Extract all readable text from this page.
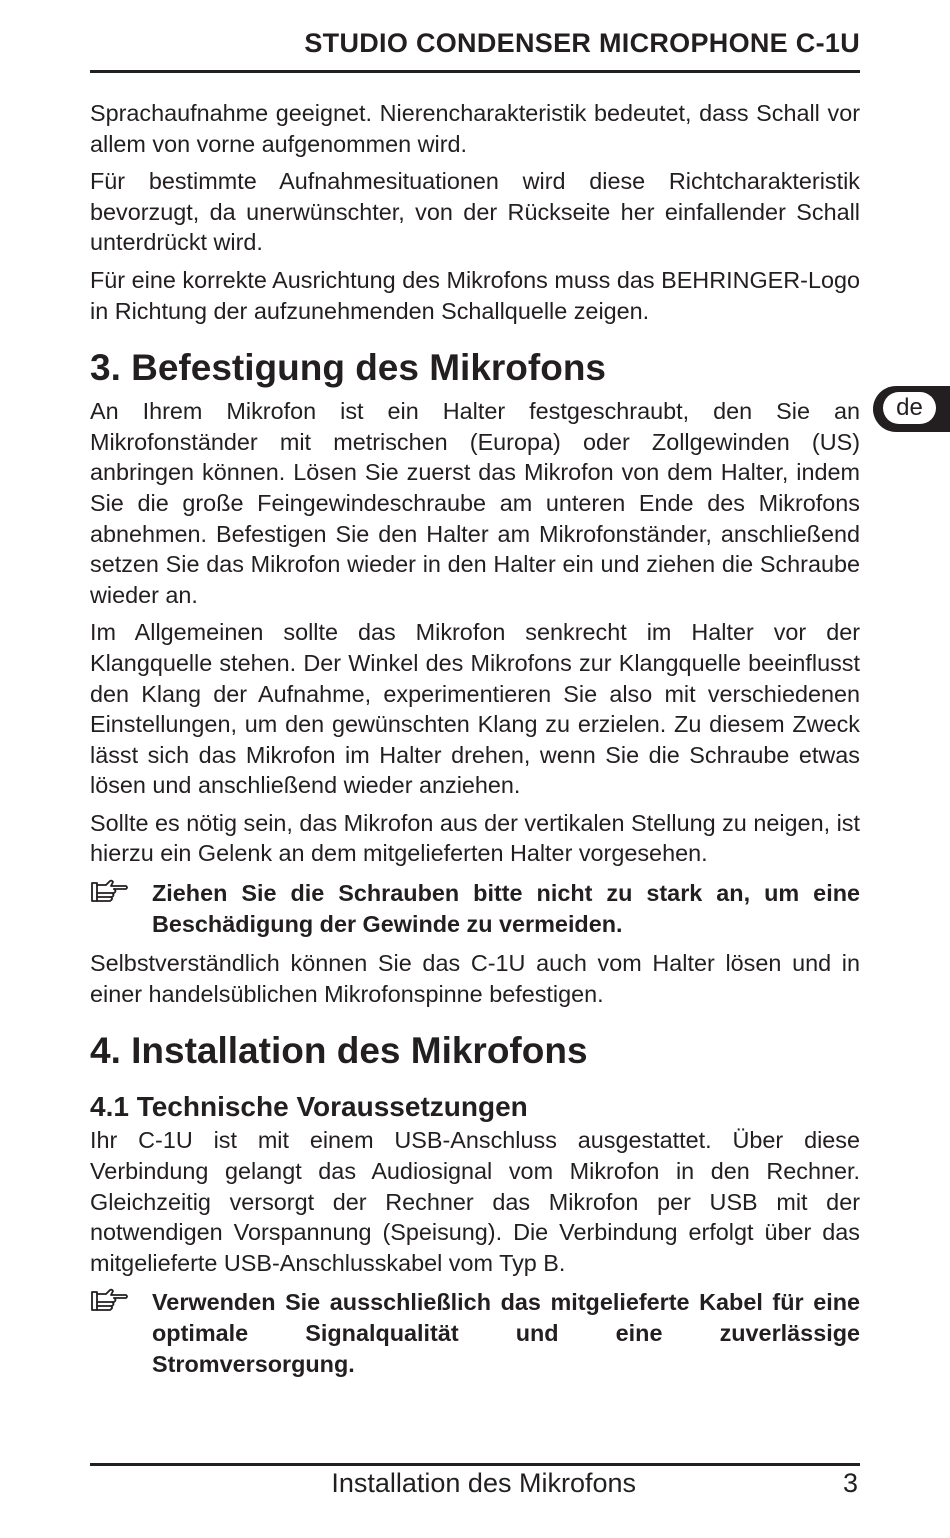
STUDIO CONDENSER MICROPHONE C-1U
de

Sprachaufnahme geeignet. Nierencharakteristik bedeutet, dass Schall vor allem von vorne aufgenommen wird.

Für bestimmte Aufnahmesituationen wird diese Richtcharakteristik bevorzugt, da unerwünschter, von der Rückseite her einfallender Schall unterdrückt wird.

Für eine korrekte Ausrichtung des Mikrofons muss das BEHRINGER-Logo in Richtung der aufzunehmenden Schallquelle zeigen.

3. Befestigung des Mikrofons

An Ihrem Mikrofon ist ein Halter festgeschraubt, den Sie an Mikrofonständer mit metrischen (Europa) oder Zollgewinden (US) anbringen können. Lösen Sie zuerst das Mikrofon von dem Halter, indem Sie die große Feingewindeschraube am unteren Ende des Mikrofons abnehmen. Befestigen Sie den Halter am Mikrofonständer, anschließend setzen Sie das Mikrofon wieder in den Halter ein und ziehen die Schraube wieder an.

Im Allgemeinen sollte das Mikrofon senkrecht im Halter vor der Klangquelle stehen. Der Winkel des Mikrofons zur Klangquelle beeinflusst den Klang der Aufnahme, experimentieren Sie also mit verschiedenen Einstellungen, um den gewünschten Klang zu erzielen. Zu diesem Zweck lässt sich das Mikrofon im Halter drehen, wenn Sie die Schraube etwas lösen und anschließend wieder anziehen.

Sollte es nötig sein, das Mikrofon aus der vertikalen Stellung zu neigen, ist hierzu ein Gelenk an dem mitgelieferten Halter vorgesehen.

Ziehen Sie die Schrauben bitte nicht zu stark an, um eine Beschädigung der Gewinde zu vermeiden.

Selbstverständlich können Sie das C-1U auch vom Halter lösen und in einer handelsüblichen Mikrofonspinne befestigen.

4. Installation des Mikrofons
4.1 Technische Voraussetzungen

Ihr C-1U ist mit einem USB-Anschluss ausgestattet. Über diese Verbindung gelangt das Audiosignal vom Mikrofon in den Rechner. Gleichzeitig versorgt der Rechner das Mikrofon per USB mit der notwendigen Vorspannung (Speisung). Die Verbindung erfolgt über das mitgelieferte USB-Anschlusskabel vom Typ B.

Verwenden Sie ausschließlich das mitgelieferte Kabel für eine optimale Signalqualität und eine zuverlässige Stromversorgung.

Installation des Mikrofons	3
